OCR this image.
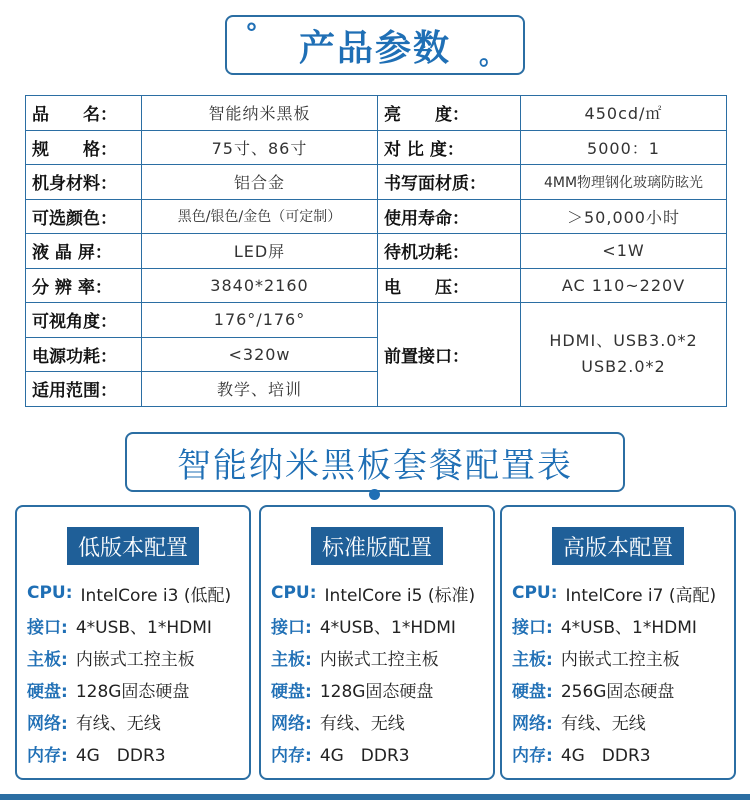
° 产品参数 。
品　　名：	智能纳米黑板	亮　　度：	450cd/㎡
规　　格：	75寸、86寸	对 比 度：	5000：1
机身材料：	铝合金	书写面材质：	4MM物理钢化玻璃防眩光
可选颜色：	黑色/银色/金色（可定制）	使用寿命：	＞50,000小时
液 晶 屏：	LED屏	待机功耗：	<1W
分 辨 率：	3840*2160	电　　压：	AC 110~220V
可视角度：	176°/176°	前置接口：	HDMI、USB3.0*2
USB2.0*2

电源功耗：	<320w		
适用范围：	教学、培训		
智能纳米黑板套餐配置表
低版本配置
CPU: IntelCore i3 (低配)
接口: 4*USB、1*HDMI
主板: 内嵌式工控主板
硬盘: 128G固态硬盘
网络: 有线、无线
内存: 4G　DDR3
标准版配置
CPU: IntelCore i5 (标准)
接口: 4*USB、1*HDMI
主板: 内嵌式工控主板
硬盘: 128G固态硬盘
网络: 有线、无线
内存: 4G　DDR3
高版本配置
CPU: IntelCore i7 (高配)
接口: 4*USB、1*HDMI
主板: 内嵌式工控主板
硬盘: 256G固态硬盘
网络: 有线、无线
内存: 4G　DDR3
